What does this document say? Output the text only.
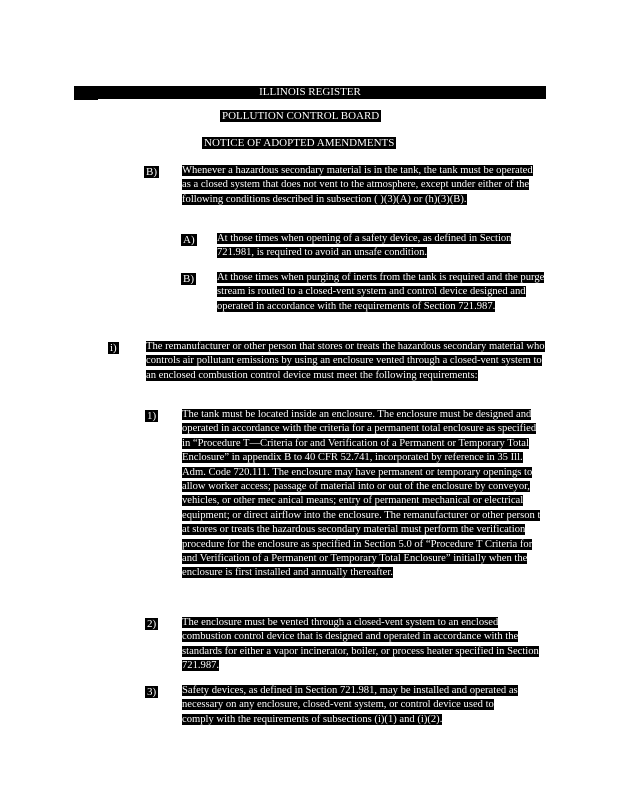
ILLINOIS REGISTER
POLLUTION CONTROL BOARD
NOTICE OF ADOPTED AMENDMENTS
B) Whenever a hazardous secondary material is in the tank, the tank must be operated as a closed system that does not vent to the atmosphere, except under either of the following conditions described in subsection ( )(3)(A) or (h)(3)(B).

A) At those times when opening of a safety device, as defined in Section 721.981, is required to avoid an unsafe condition.

B) At those times when purging of inerts from the tank is required and the purge stream is routed to a closed-vent system and control device designed and operated in accordance with the requirements of Section 721.987.

i)	The remanufacturer or other person that stores or treats the hazardous secondary material who controls air pollutant emissions by using an enclosure vented through a closed-vent system to an enclosed combustion control device must meet the following requirements:

1) The tank must be located inside an enclosure. The enclosure must be designed and operated in accordance with the criteria for a permanent total enclosure as specified in “Procedure T—Criteria for and Verification of a Permanent or Temporary Total Enclosure” in appendix B to 40 CFR 52.741, incorporated by reference in 35 Ill. Adm. Code 720.111. The enclosure may have permanent or temporary openings to allow worker access; passage of material into or out of the enclosure by conveyor, vehicles, or other mec anical means; entry of permanent mechanical or electrical equipment; or direct airflow into the enclosure. The remanufacturer or other person t at stores or treats the hazardous secondary material must perform the verification procedure for the enclosure as specified in Section 5.0 of “Procedure T Criteria for and Verification of a Permanent or Temporary Total Enclosure” initially when the enclosure is first installed and annually thereafter.

2) The enclosure must be vented through a closed-vent system to an enclosed combustion control device that is designed and operated in accordance with the standards for either a vapor incinerator, boiler, or process heater specified in Section 721.987.

3) Safety devices, as defined in Section 721.981, may be installed and operated as necessary on any enclosure, closed-vent system, or control device used to comply with the requirements of subsections (i)(1) and (i)(2).
